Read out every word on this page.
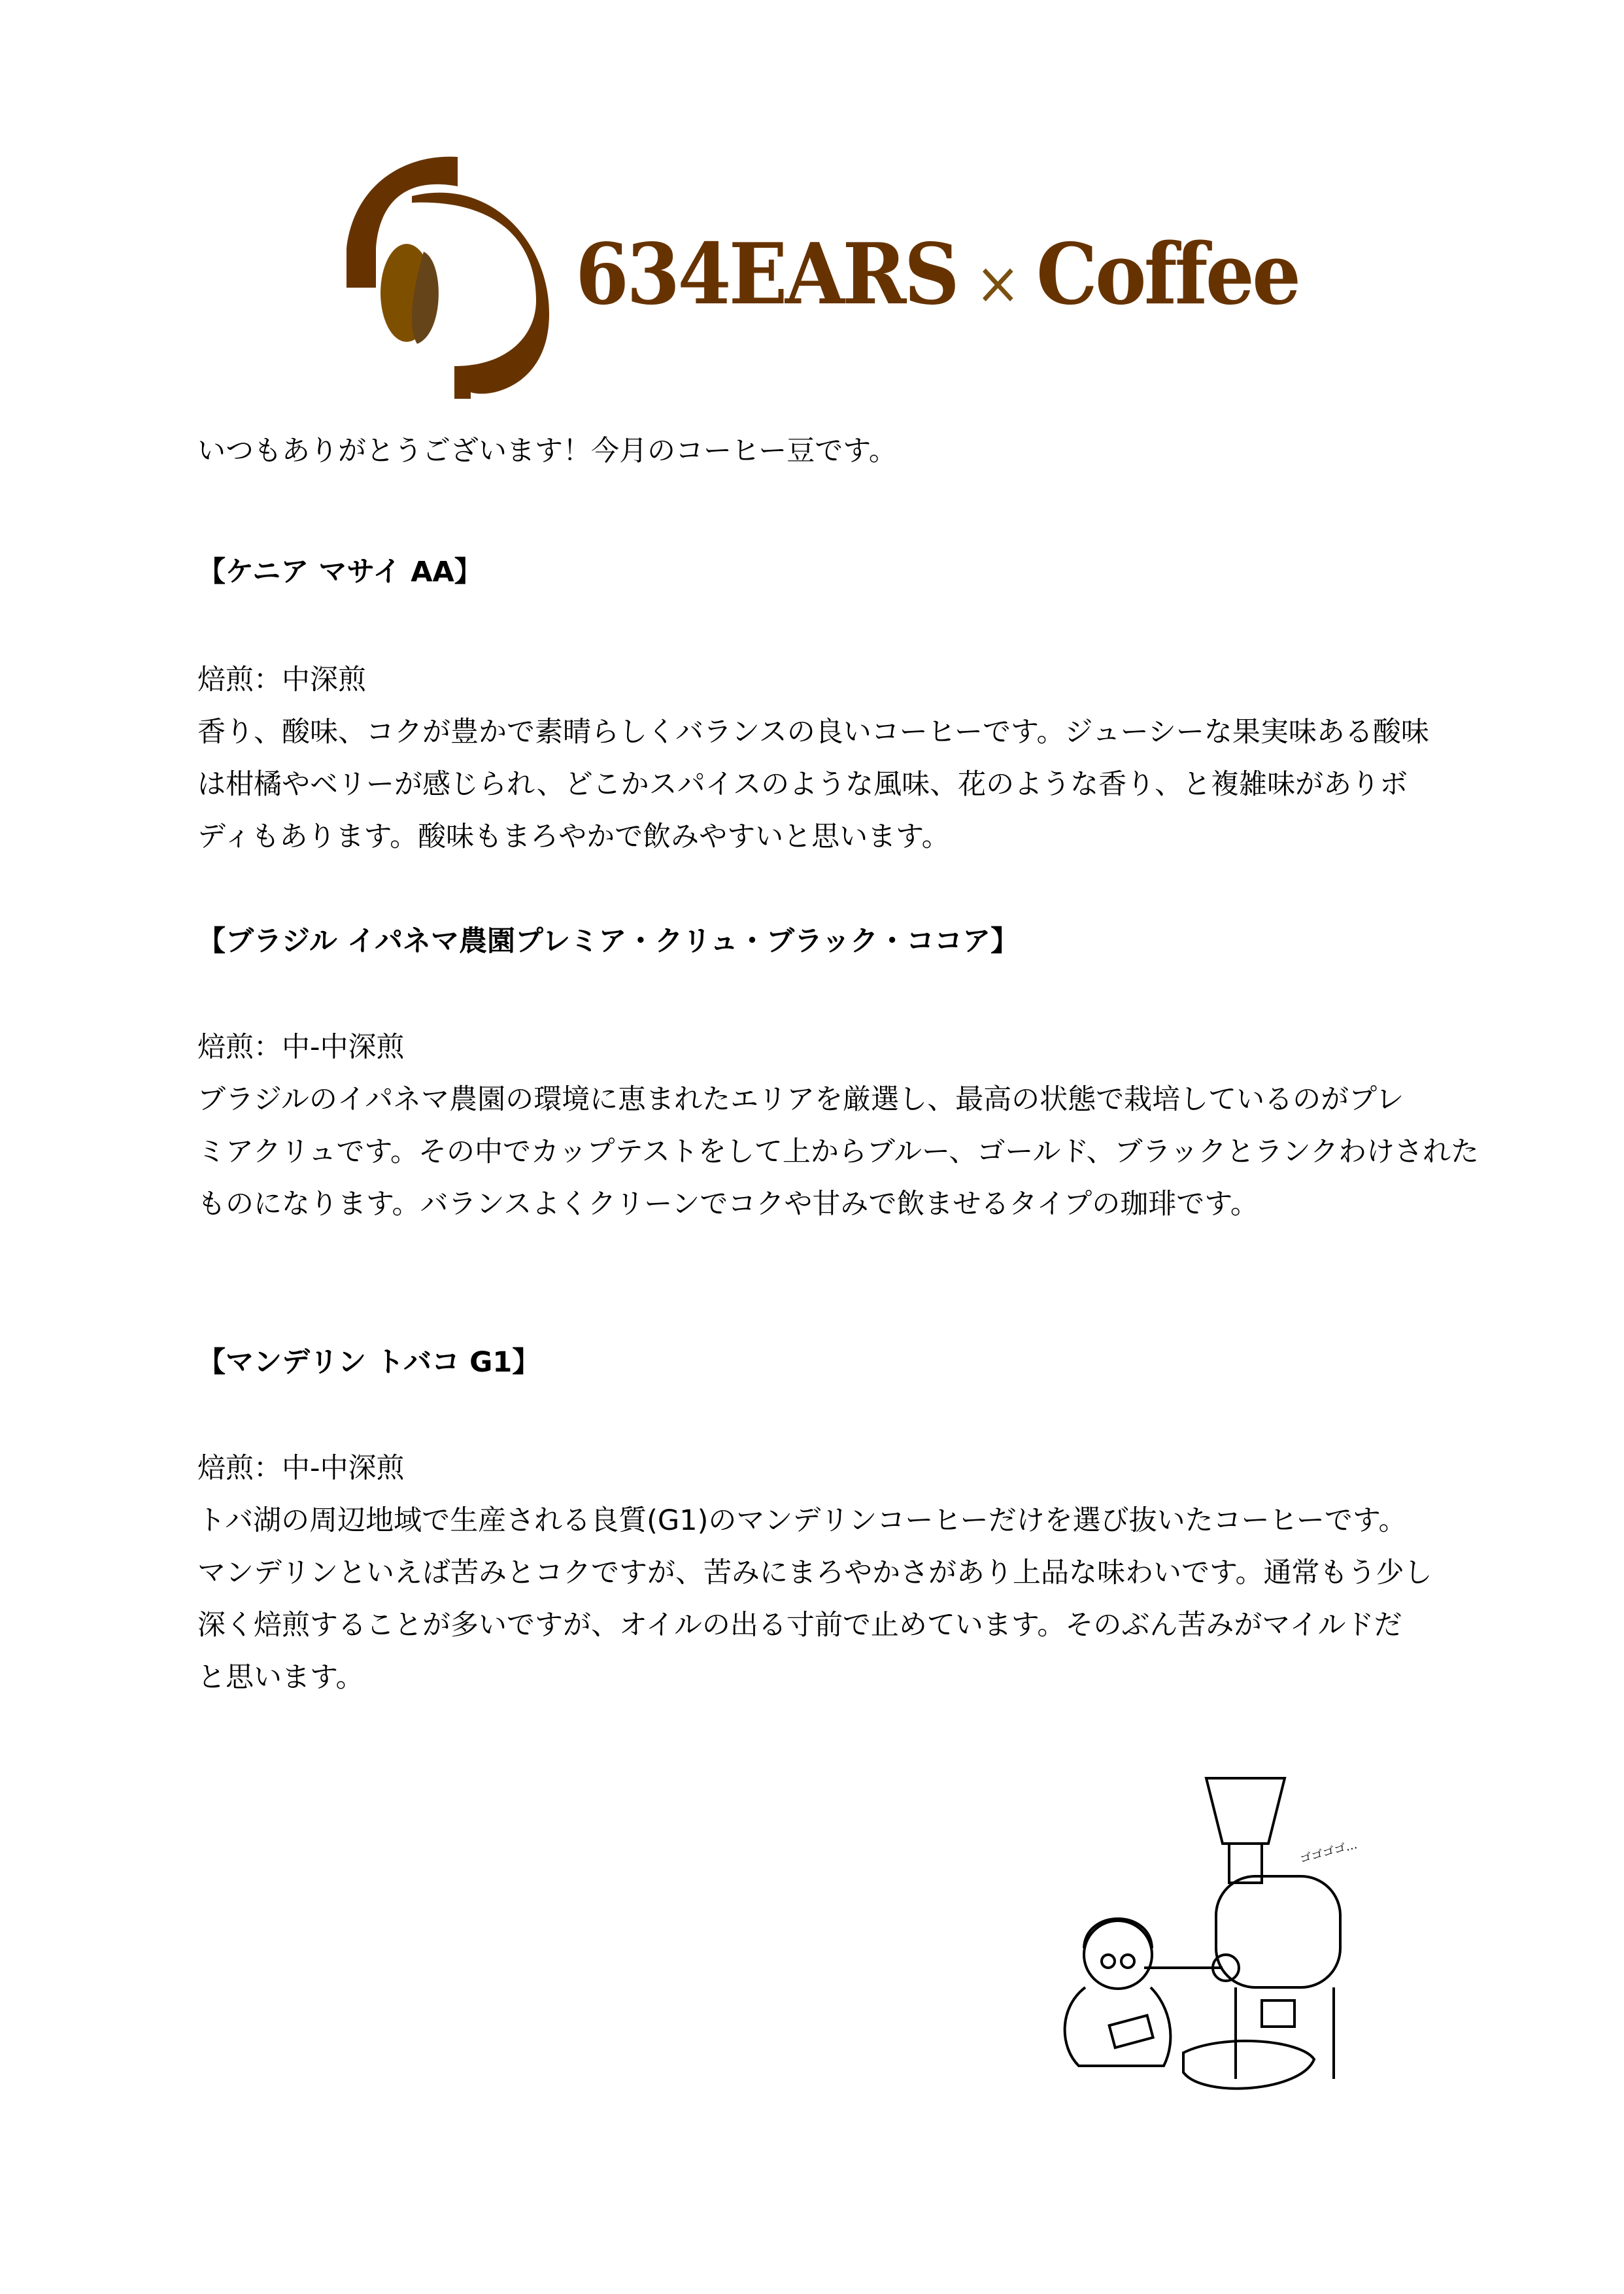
634EARS × Coffee
いつもありがとうございます！今月のコーヒー豆です。
【ケニア マサイ AA】
焙煎：中深煎
香り、酸味、コクが豊かで素晴らしくバランスの良いコーヒーです。ジューシーな果実味ある酸味
は柑橘やベリーが感じられ、どこかスパイスのような風味、花のような香り、と複雑味がありボ
ディもあります。酸味もまろやかで飲みやすいと思います。
【ブラジル イパネマ農園プレミア・クリュ・ブラック・ココア】
焙煎：中-中深煎
ブラジルのイパネマ農園の環境に恵まれたエリアを厳選し、最高の状態で栽培しているのがプレ
ミアクリュです。その中でカップテストをして上からブルー、ゴールド、ブラックとランクわけされた
ものになります。バランスよくクリーンでコクや甘みで飲ませるタイプの珈琲です。
【マンデリン トバコ G1】
焙煎：中-中深煎
トバ湖の周辺地域で生産される良質(G1)のマンデリンコーヒーだけを選び抜いたコーヒーです。
マンデリンといえば苦みとコクですが、苦みにまろやかさがあり上品な味わいです。通常もう少し
深く焙煎することが多いですが、オイルの出る寸前で止めています。そのぶん苦みがマイルドだ
と思います。
ゴゴゴゴ…
